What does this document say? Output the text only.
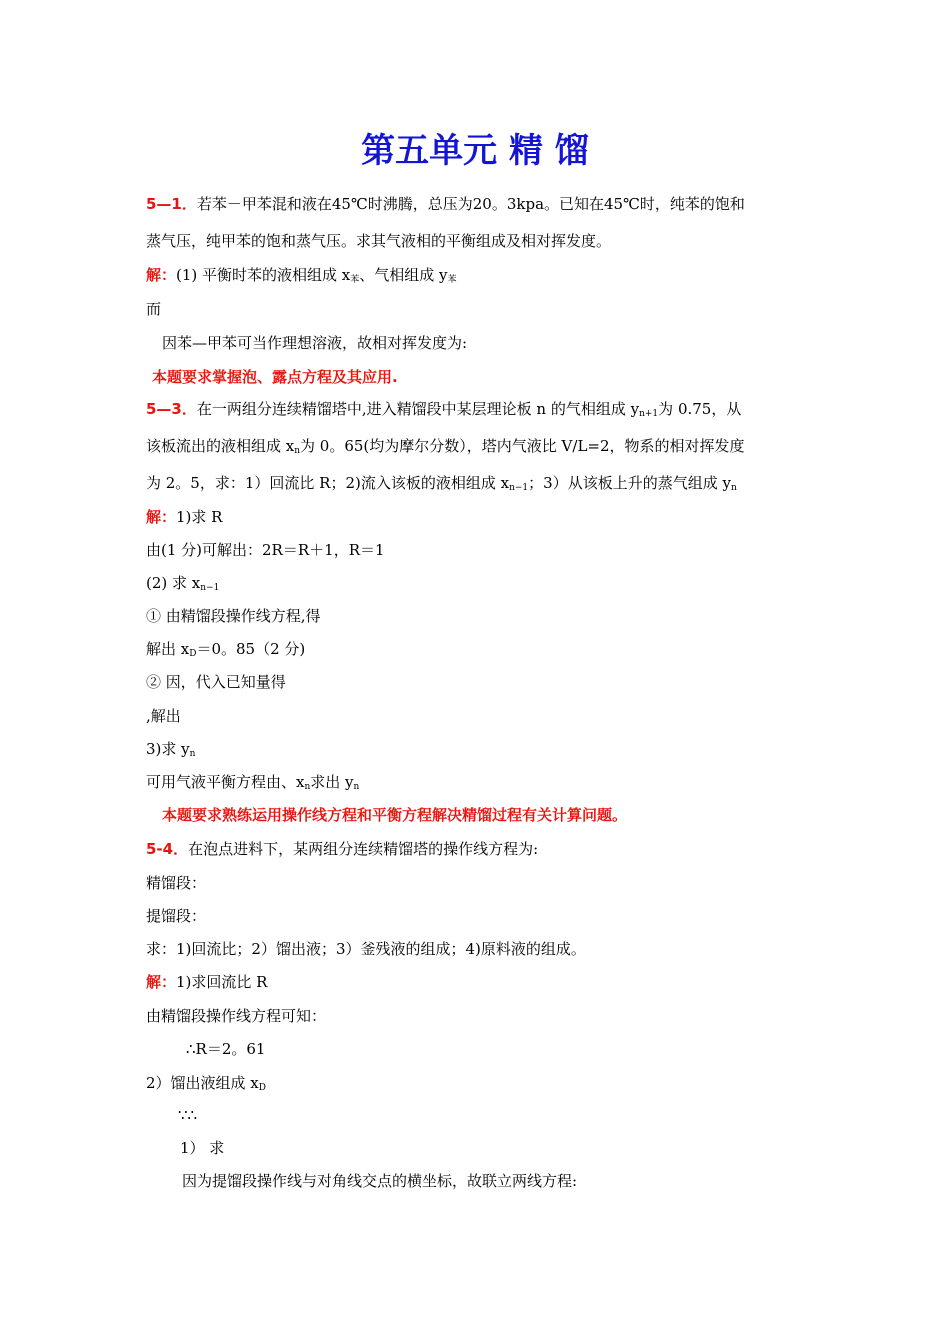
第五单元 精 馏
5—1．若苯－甲苯混和液在45℃时沸腾，总压为20。3kpa。已知在45℃时，纯苯的饱和
蒸气压，纯甲苯的饱和蒸气压。求其气液相的平衡组成及相对挥发度。
解：(1) 平衡时苯的液相组成 $x_苯$、气相组成 $y_苯$
而
因苯—甲苯可当作理想溶液，故相对挥发度为:
本题要求掌握泡、露点方程及其应用.
5—3．在一两组分连续精馏塔中,进入精馏段中某层理论板 n 的气相组成 $y_{n+1}$为 0.75，从
该板流出的液相组成 $x_n$为 0。65(均为摩尔分数），塔内气液比 V/L=2，物系的相对挥发度
为 2。5，求：1）回流比 R；2)流入该板的液相组成 $x_{n-1}$；3）从该板上升的蒸气组成 $y_n$
解：1)求 R
由(1 分)可解出：2R＝R＋1，R＝1
(2) 求 $x_{n-1}$
① 由精馏段操作线方程,得
解出 $x_D=0$。85（2 分)
② 因，代入已知量得
,解出
3)求 $y_n$
可用气液平衡方程由、$x_n$求出 $y_n$
本题要求熟练运用操作线方程和平衡方程解决精馏过程有关计算问题。
5-4．在泡点进料下，某两组分连续精馏塔的操作线方程为:
精馏段：
提馏段：
求：1)回流比；2）馏出液；3）釜残液的组成；4)原料液的组成。
解：1)求回流比 R
由精馏段操作线方程可知：
∴R＝2。61
2）馏出液组成 $x_D$
∵∴
1） 求
因为提馏段操作线与对角线交点的横坐标，故联立两线方程:
